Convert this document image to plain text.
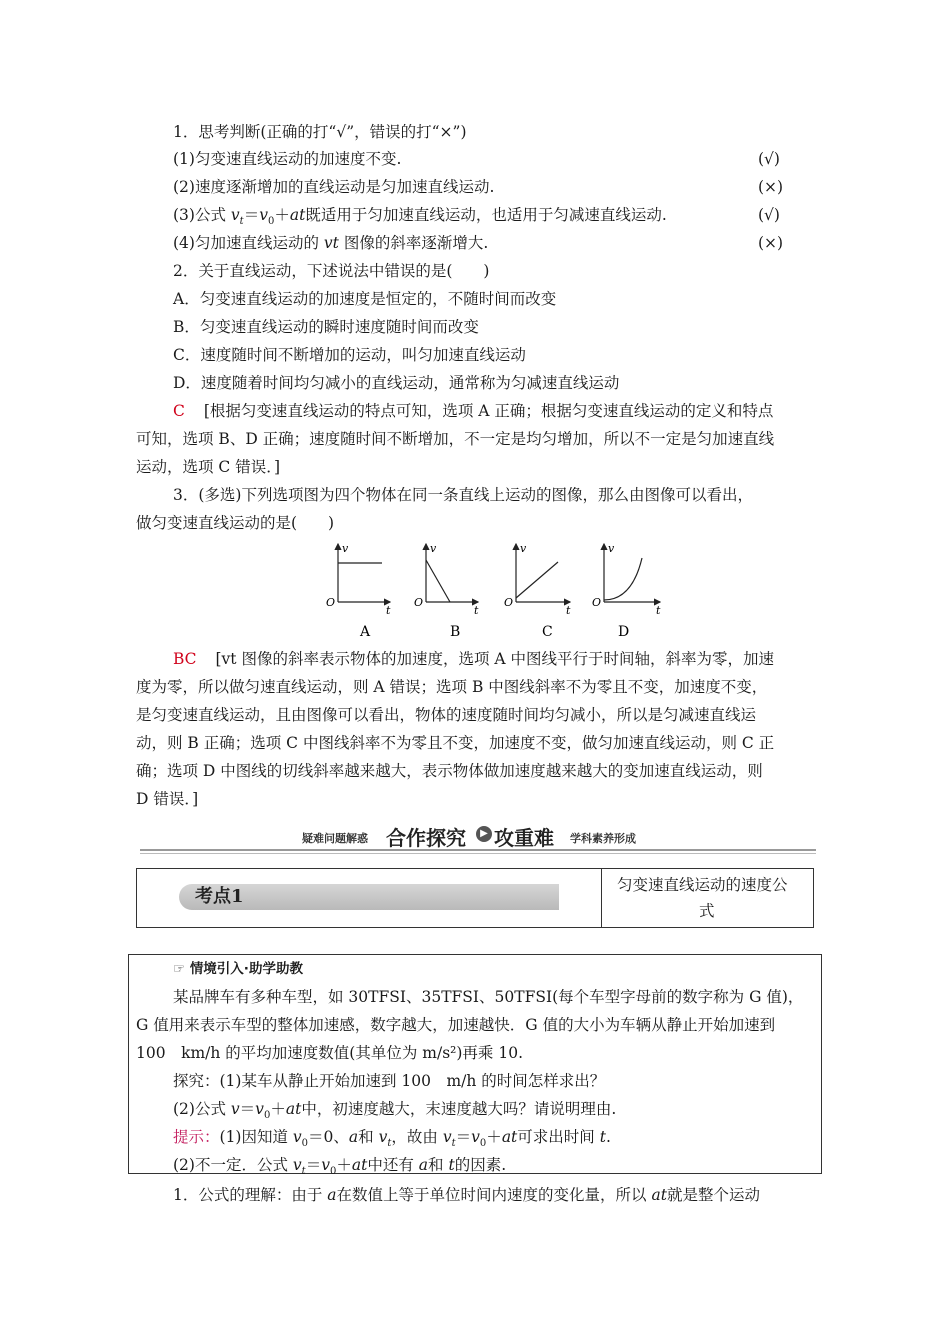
1．思考判断(正确的打“√”，错误的打“×”)
(1)匀变速直线运动的加速度不变.	(√)
(2)速度逐渐增加的直线运动是匀加速直线运动.	(×)
(3)公式 $v_t=v_0+at$既适用于匀加速直线运动，也适用于匀减速直线运动.	(√)
(4)匀加速直线运动的 vt 图像的斜率逐渐增大.	(×)
2．关于直线运动，下述说法中错误的是(　　)
A．匀变速直线运动的加速度是恒定的，不随时间而改变
B．匀变速直线运动的瞬时速度随时间而改变
C．速度随时间不断增加的运动，叫匀加速直线运动
D．速度随着时间均匀减小的直线运动，通常称为匀减速直线运动
C [根据匀变速直线运动的特点可知，选项 A 正确；根据匀变速直线运动的定义和特点
可知，选项 B、D 正确；速度随时间不断增加，不一定是均匀增加，所以不一定是匀加速直线
运动，选项 C 错误．]
3．(多选)下列选项图为四个物体在同一条直线上运动的图像，那么由图像可以看出，
做匀变速直线运动的是(　　)
v
t
O
v
t
O
v
t
O
v
t
O
A	B	C	D
BC [vt 图像的斜率表示物体的加速度，选项 A 中图线平行于时间轴，斜率为零，加速
度为零，所以做匀速直线运动，则 A 错误；选项 B 中图线斜率不为零且不变，加速度不变，
是匀变速直线运动，且由图像可以看出，物体的速度随时间均匀减小，所以是匀减速直线运
动，则 B 正确；选项 C 中图线斜率不为零且不变，加速度不变，做匀加速直线运动，则 C 正
确；选项 D 中图线的切线斜率越来越大，表示物体做加速度越来越大的变加速直线运动，则
D 错误．]
疑难问题解惑 合作探究	▶ 攻重难 学科素养形成
考点1
匀变速直线运动的速度公
式
☞ 情境引入·助学助教
某品牌车有多种车型，如 30TFSI、35TFSI、50TFSI(每个车型字母前的数字称为 G 值)，
G 值用来表示车型的整体加速感，数字越大，加速越快．G 值的大小为车辆从静止开始加速到
100　km/h 的平均加速度数值(其单位为 m/s²)再乘 10.
探究：(1)某车从静止开始加速到 100　m/h 的时间怎样求出？
(2)公式 $v=v_0+at$中，初速度越大，末速度越大吗？请说明理由.
提示：(1)因知道 $v_0=0$、a和 $v_t$，故由 $v_t=v_0+at$可求出时间 t.
(2)不一定．公式 $v_t=v_0+at$中还有 a和 t的因素.
1．公式的理解：由于 a在数值上等于单位时间内速度的变化量，所以 at就是整个运动
